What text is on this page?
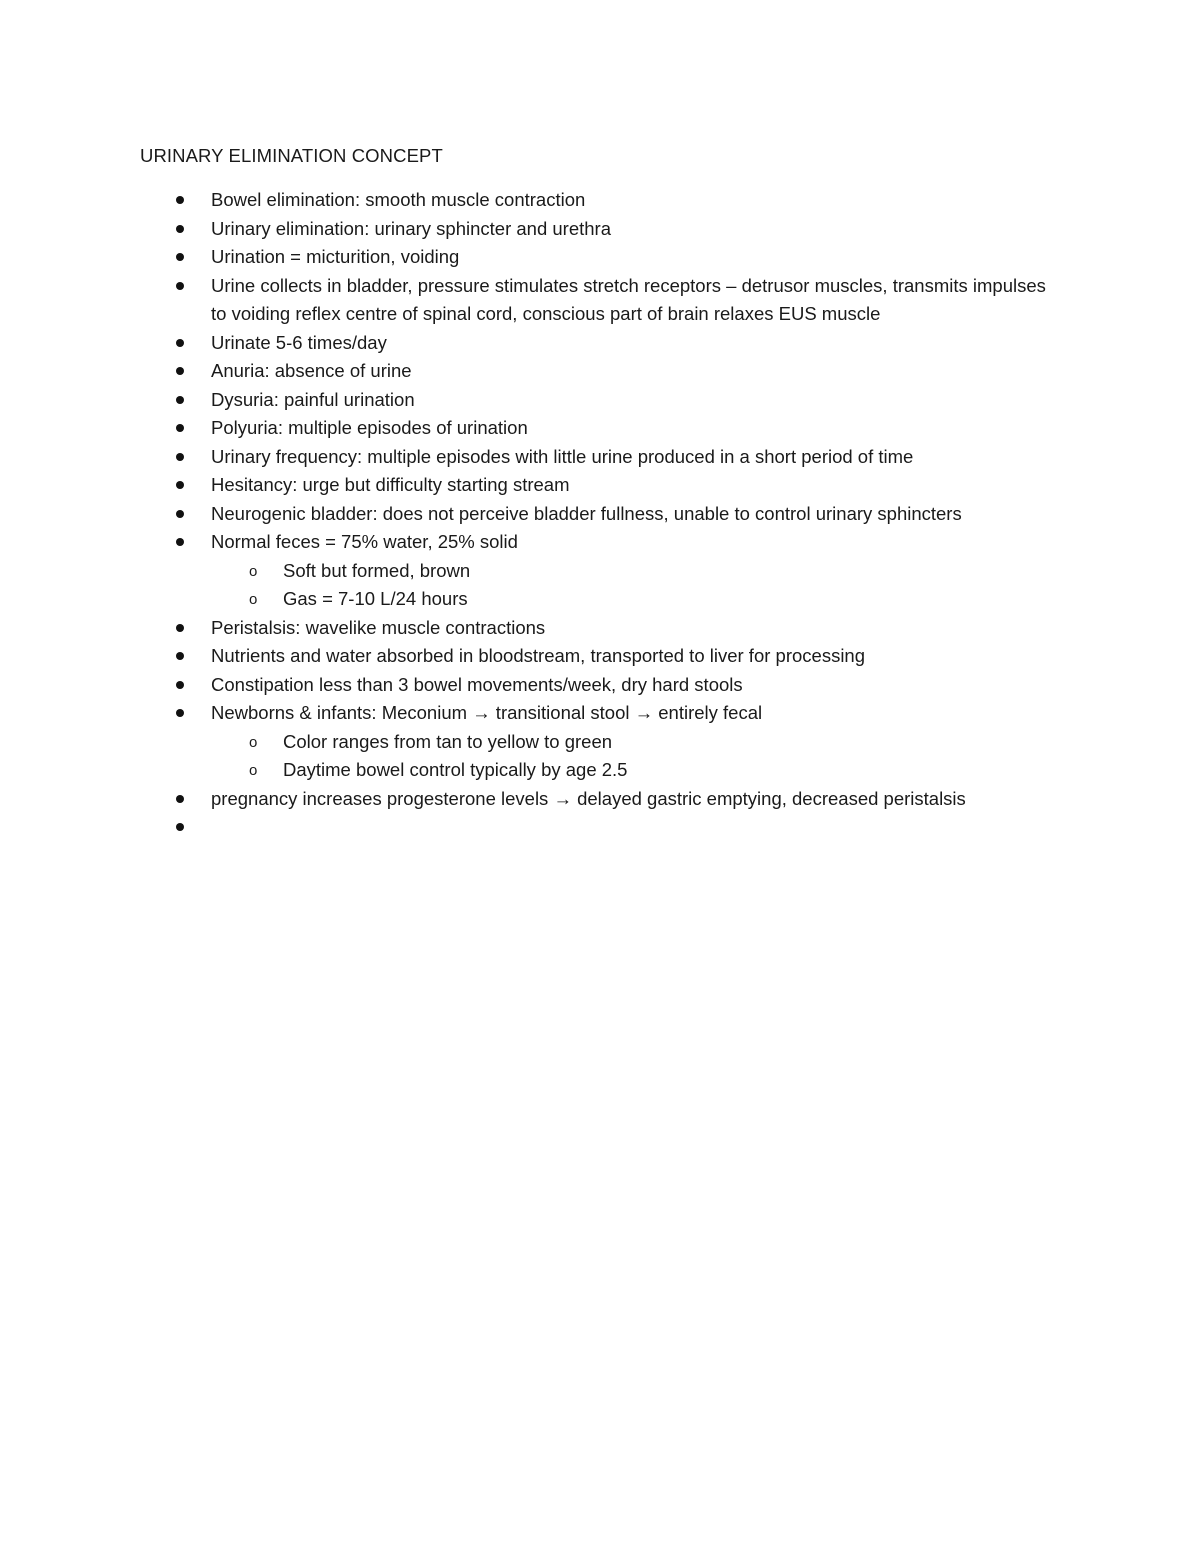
URINARY ELIMINATION CONCEPT
Bowel elimination: smooth muscle contraction
Urinary elimination: urinary sphincter and urethra
Urination = micturition, voiding
Urine collects in bladder, pressure stimulates stretch receptors – detrusor muscles, transmits impulses to voiding reflex centre of spinal cord, conscious part of brain relaxes EUS muscle
Urinate 5-6 times/day
Anuria: absence of urine
Dysuria: painful urination
Polyuria: multiple episodes of urination
Urinary frequency: multiple episodes with little urine produced in a short period of time
Hesitancy: urge but difficulty starting stream
Neurogenic bladder: does not perceive bladder fullness, unable to control urinary sphincters
Normal feces = 75% water, 25% solid
o Soft but formed, brown
o Gas = 7-10 L/24 hours
Peristalsis: wavelike muscle contractions
Nutrients and water absorbed in bloodstream, transported to liver for processing
Constipation less than 3 bowel movements/week, dry hard stools
Newborns & infants: Meconium → transitional stool → entirely fecal
o Color ranges from tan to yellow to green
o Daytime bowel control typically by age 2.5
pregnancy increases progesterone levels → delayed gastric emptying, decreased peristalsis
